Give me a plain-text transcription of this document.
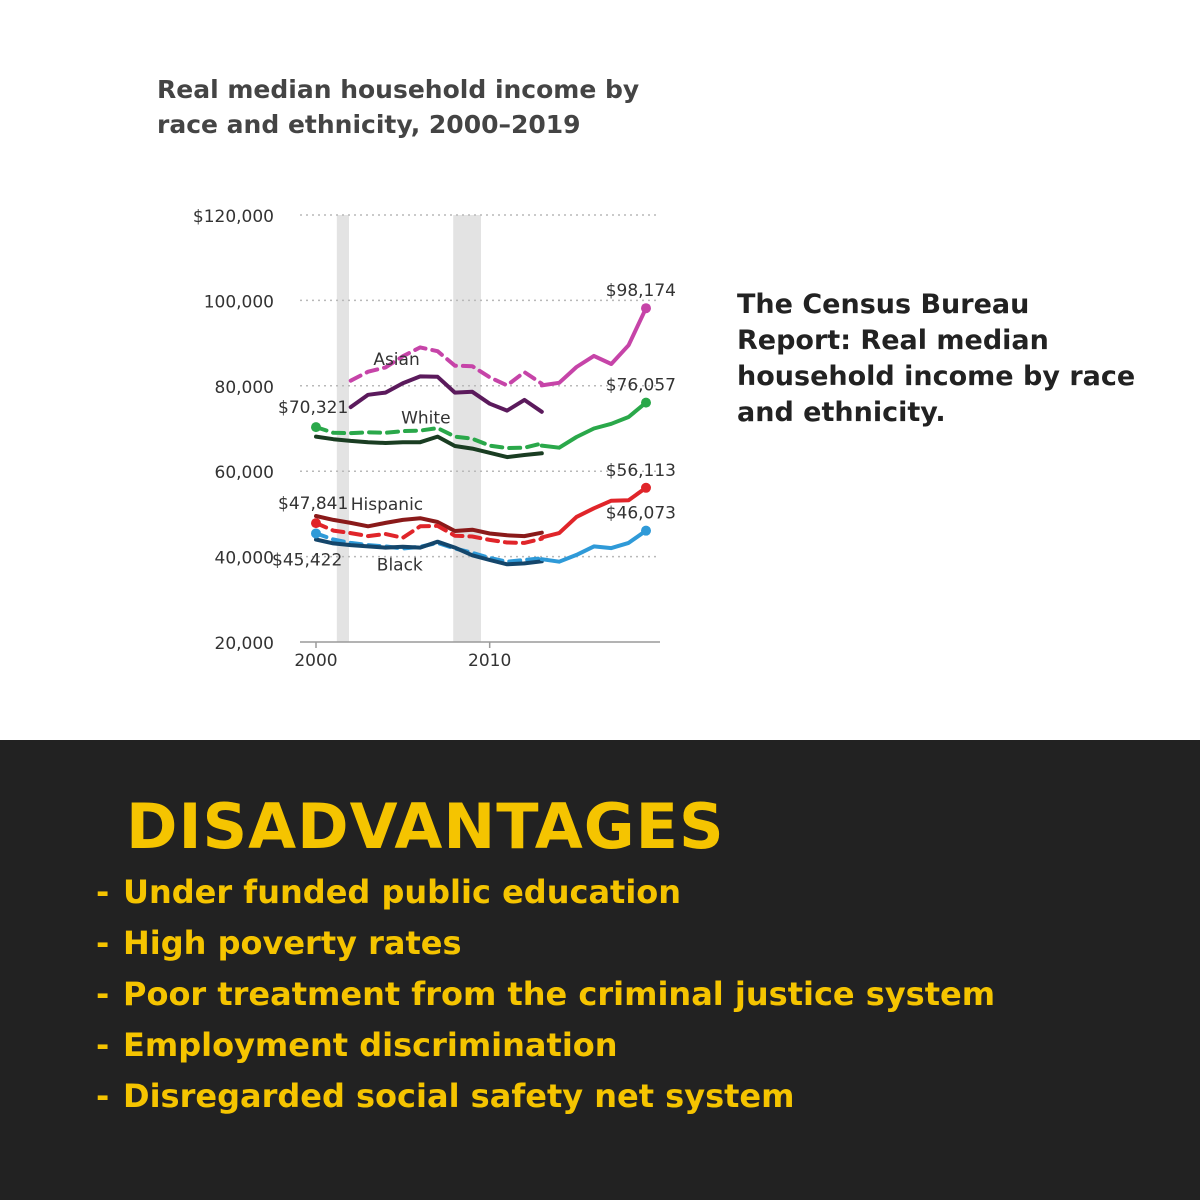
Real median household income by race and ethnicity, 2000–2019
$120,000
100,000
80,000
60,000
40,000
20,000
2000	2010
Asian
White
Hispanic
Black
$98,174
$76,057
$56,113
$46,073
$70,321
$47,841
$45,422

The Census Bureau Report: Real median household income by race and ethnicity.

DISADVANTAGES
- Under funded public education
- High poverty rates
- Poor treatment from the criminal justice system
- Employment discrimination
- Disregarded social safety net system
